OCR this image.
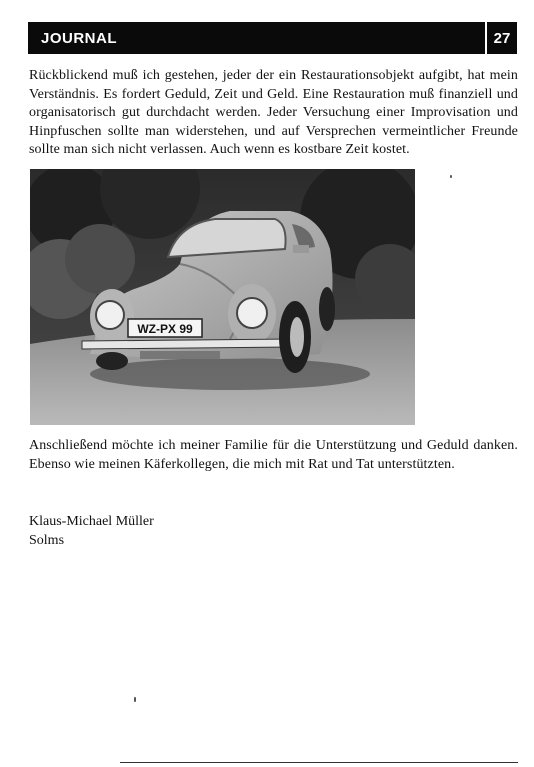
JOURNAL	27

Rückblickend muß ich gestehen, jeder der ein Restaurationsobjekt aufgibt, hat mein Verständnis. Es fordert Geduld, Zeit und Geld. Eine Restauration muß finanziell und organisatorisch gut durchdacht werden. Jeder Versuchung einer Improvisation und Hinpfuschen sollte man widerstehen, und auf Versprechen vermeintlicher Freunde sollte man sich nicht verlassen. Auch wenn es kostbare Zeit kostet.

WZ-PX 99

Anschließend möchte ich meiner Familie für die Unterstützung und Geduld danken. Ebenso wie meinen Käferkollegen, die mich mit Rat und Tat unterstützten.

Klaus-Michael Müller
Solms
